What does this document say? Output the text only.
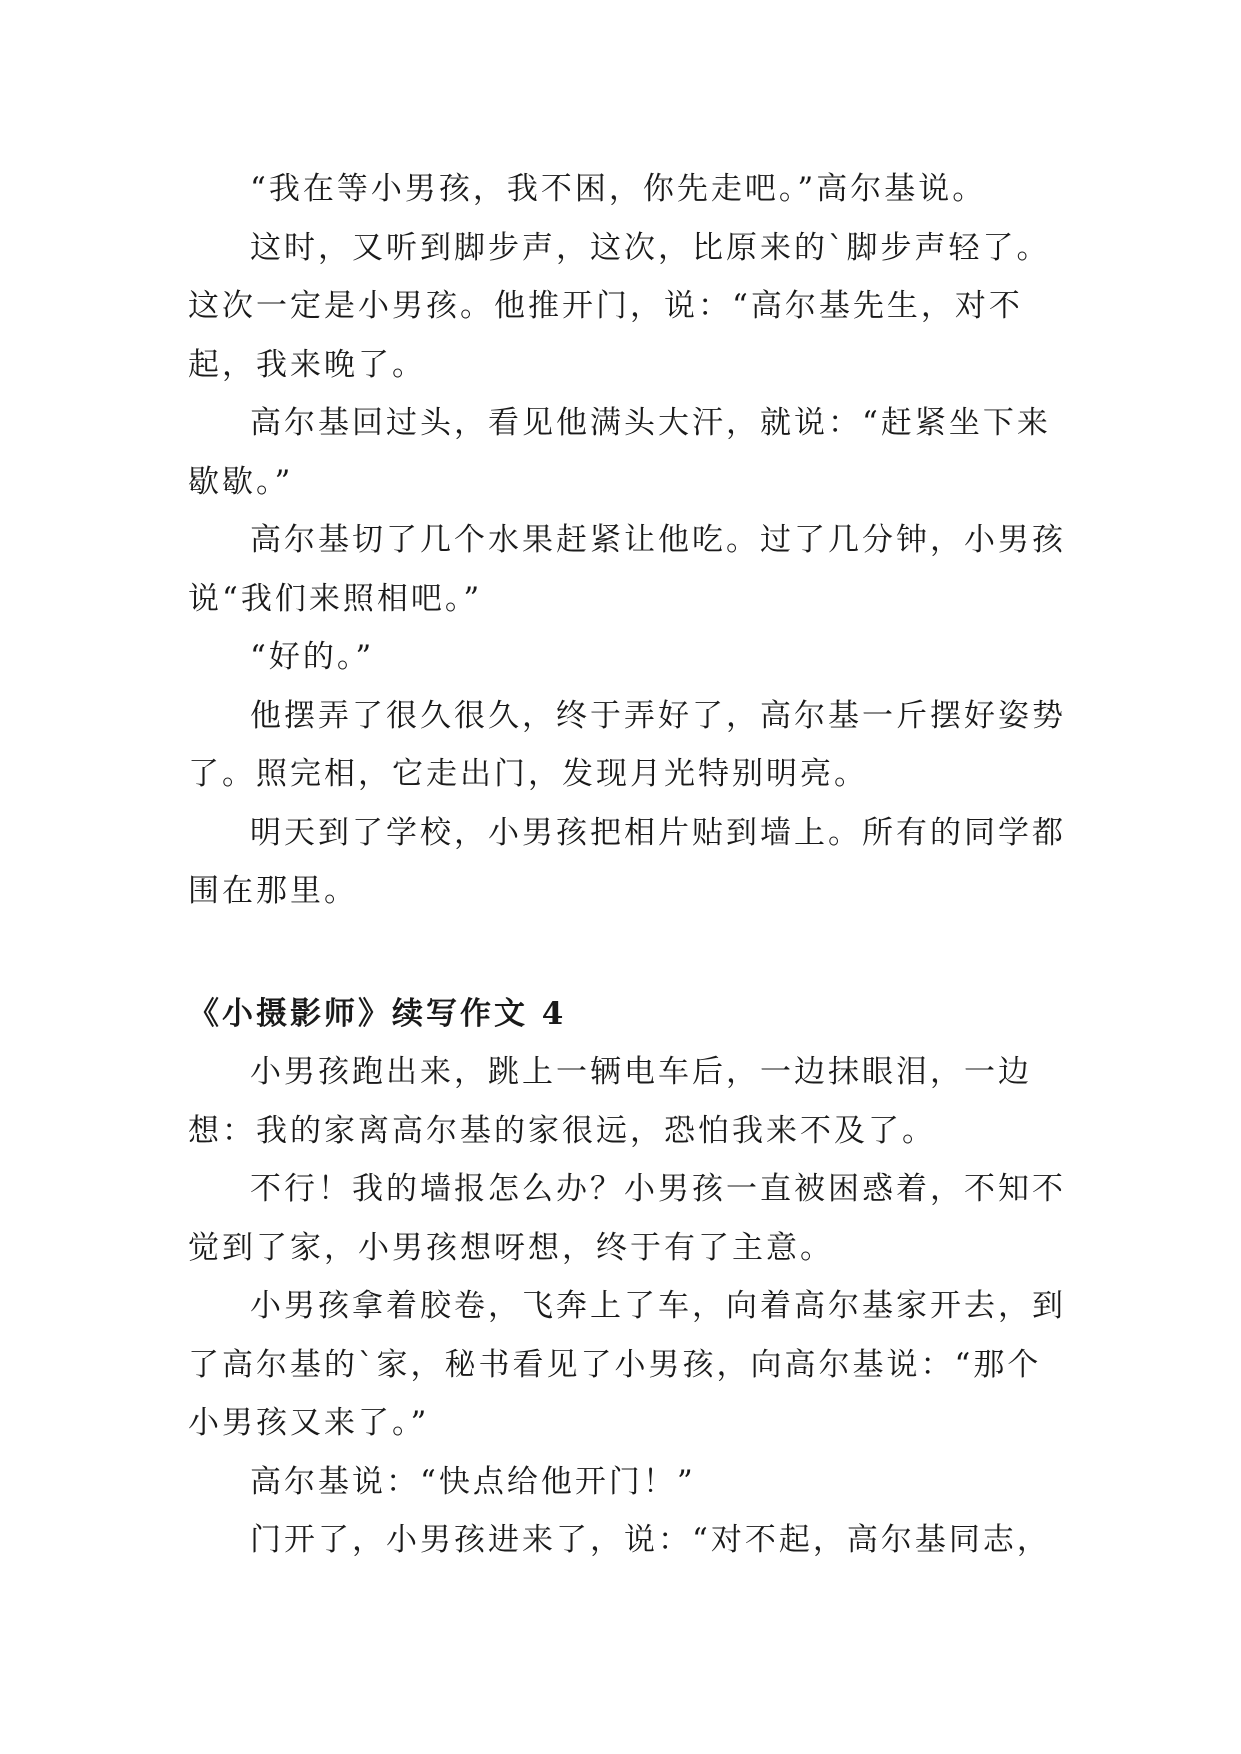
“我在等小男孩，我不困，你先走吧。”高尔基说。

这时，又听到脚步声，这次，比原来的`脚步声轻了。这次一定是小男孩。他推开门，说：“高尔基先生，对不起，我来晚了。

高尔基回过头，看见他满头大汗，就说：“赶紧坐下来歇歇。”

高尔基切了几个水果赶紧让他吃。过了几分钟，小男孩说“我们来照相吧。”

“好的。”

他摆弄了很久很久，终于弄好了，高尔基一斤摆好姿势了。照完相，它走出门，发现月光特别明亮。

明天到了学校，小男孩把相片贴到墙上。所有的同学都围在那里。

《小摄影师》续写作文 4

小男孩跑出来，跳上一辆电车后，一边抹眼泪，一边想：我的家离高尔基的家很远，恐怕我来不及了。

不行！我的墙报怎么办？小男孩一直被困惑着，不知不觉到了家，小男孩想呀想，终于有了主意。

小男孩拿着胶卷，飞奔上了车，向着高尔基家开去，到了高尔基的`家，秘书看见了小男孩，向高尔基说：“那个小男孩又来了。”

高尔基说：“快点给他开门！”

门开了，小男孩进来了，说：“对不起，高尔基同志，
